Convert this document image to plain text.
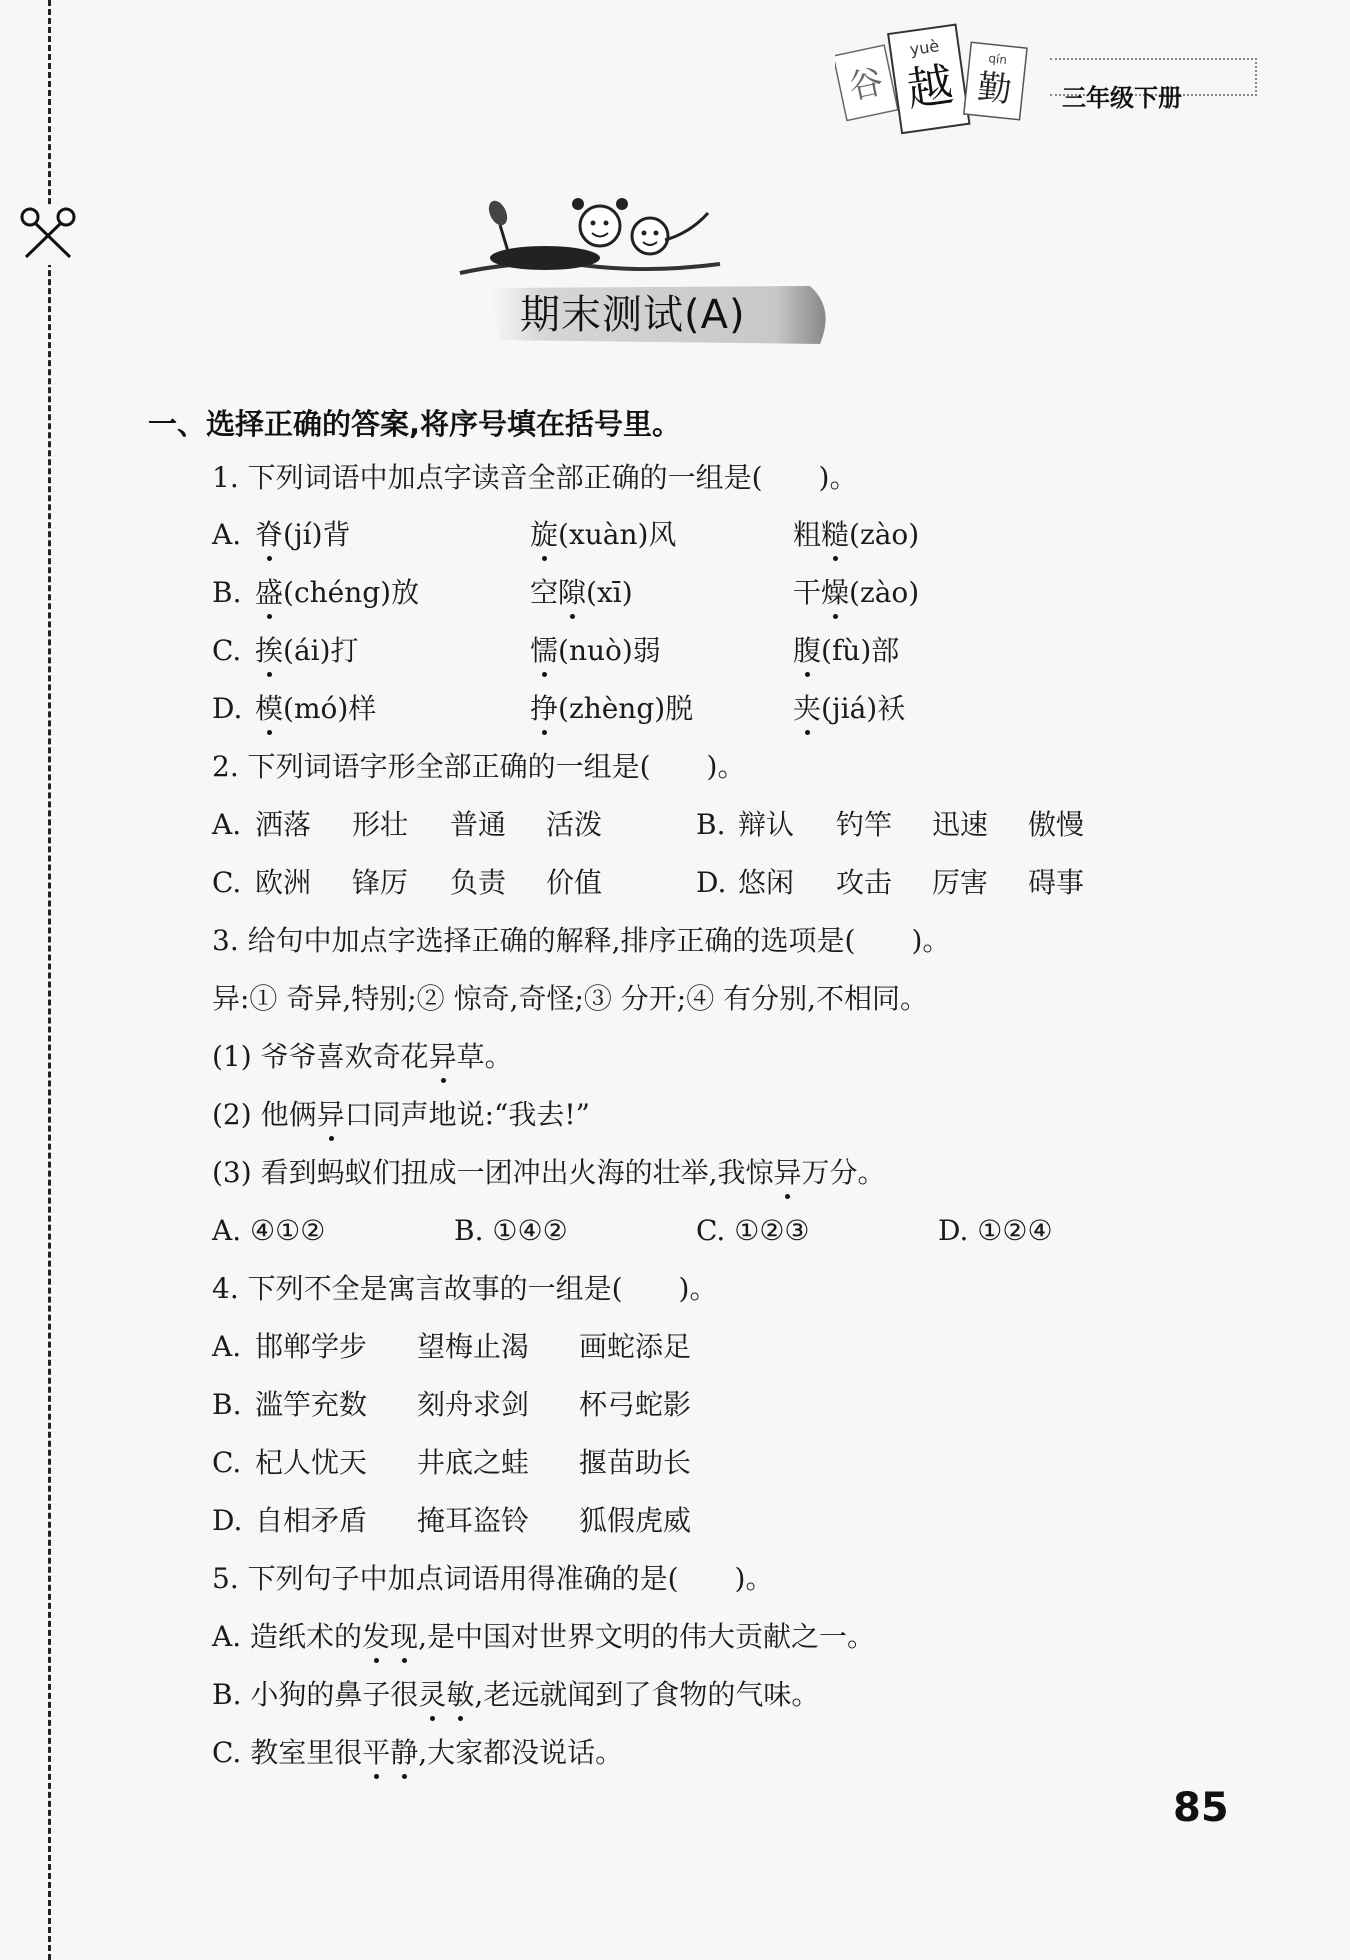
谷
yuè
越	qín
勤 三年级下册
期末测试(A)
一、选择正确的答案,将序号填在括号里。
1. 下列词语中加点字读音全部正确的一组是(　　)。
A. 脊(jí)背	旋(xuàn)风	粗糙(zào)
B. 盛(chéng)放	空隙(xī)	干燥(zào)
C. 挨(ái)打	懦(nuò)弱	腹(fù)部
D. 模(mó)样	挣(zhèng)脱	夹(jiá)袄
2. 下列词语字形全部正确的一组是(　　)。
A. 洒落 形壮 普通 活泼	B. 辩认 钓竿 迅速 傲慢
C. 欧洲 锋厉 负责 价值	D. 悠闲 攻击 厉害 碍事
3. 给句中加点字选择正确的解释,排序正确的选项是(　　)。
异:① 奇异,特别;② 惊奇,奇怪;③ 分开;④ 有分别,不相同。
(1) 爷爷喜欢奇花异草。
(2) 他俩异口同声地说:“我去!”
(3) 看到蚂蚁们扭成一团冲出火海的壮举,我惊异万分。
A. ④①②	B. ①④②	C. ①②③	D. ①②④
4. 下列不全是寓言故事的一组是(　　)。
A. 邯郸学步 望梅止渴 画蛇添足
B. 滥竽充数 刻舟求剑 杯弓蛇影
C. 杞人忧天 井底之蛙 揠苗助长
D. 自相矛盾 掩耳盗铃 狐假虎威
5. 下列句子中加点词语用得准确的是(　　)。
A. 造纸术的发现,是中国对世界文明的伟大贡献之一。
B. 小狗的鼻子很灵敏,老远就闻到了食物的气味。
C. 教室里很平静,大家都没说话。
85
